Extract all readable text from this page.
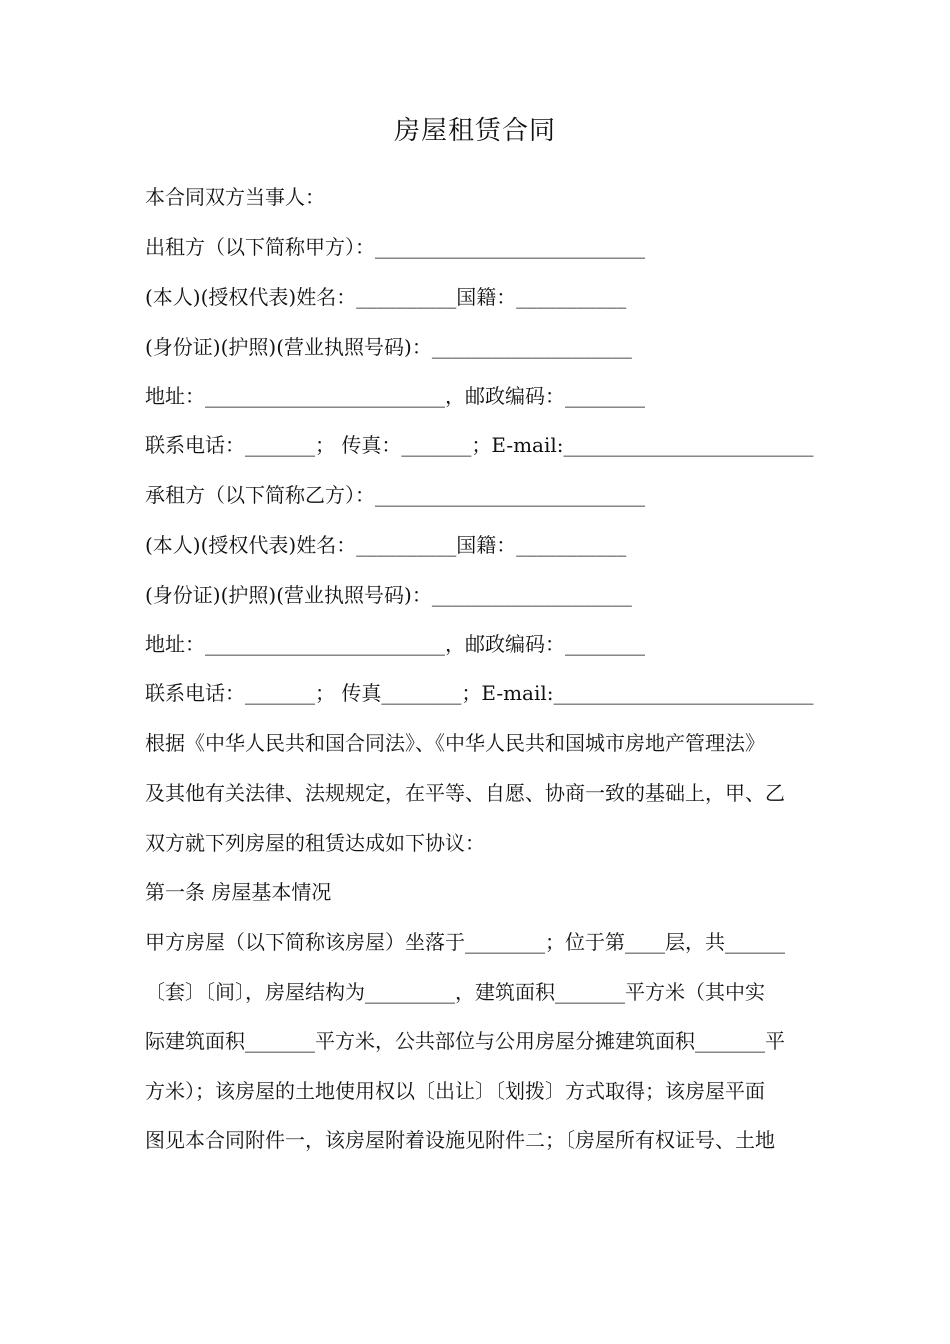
房屋租赁合同
本合同双方当事人：
出租方（以下简称甲方）：___________________________
(本人)(授权代表)姓名：__________国籍：___________
(身份证)(护照)(营业执照号码)：____________________
地址：________________________，邮政编码：________
联系电话：_______； 传真：_______；E-mail:_________________________
承租方（以下简称乙方）：___________________________
(本人)(授权代表)姓名：__________国籍：___________
(身份证)(护照)(营业执照号码)：____________________
地址：________________________，邮政编码：________
联系电话：_______； 传真________；E-mail:__________________________
根据《中华人民共和国合同法》、《中华人民共和国城市房地产管理法》
及其他有关法律、法规规定，在平等、自愿、协商一致的基础上，甲、乙
双方就下列房屋的租赁达成如下协议：
第一条 房屋基本情况
甲方房屋（以下简称该房屋）坐落于________；位于第____层，共______
〔套〕〔间〕，房屋结构为_________，建筑面积_______平方米（其中实
际建筑面积_______平方米，公共部位与公用房屋分摊建筑面积_______平
方米）；该房屋的土地使用权以〔出让〕〔划拨〕方式取得；该房屋平面
图见本合同附件一，该房屋附着设施见附件二；〔房屋所有权证号、土地
